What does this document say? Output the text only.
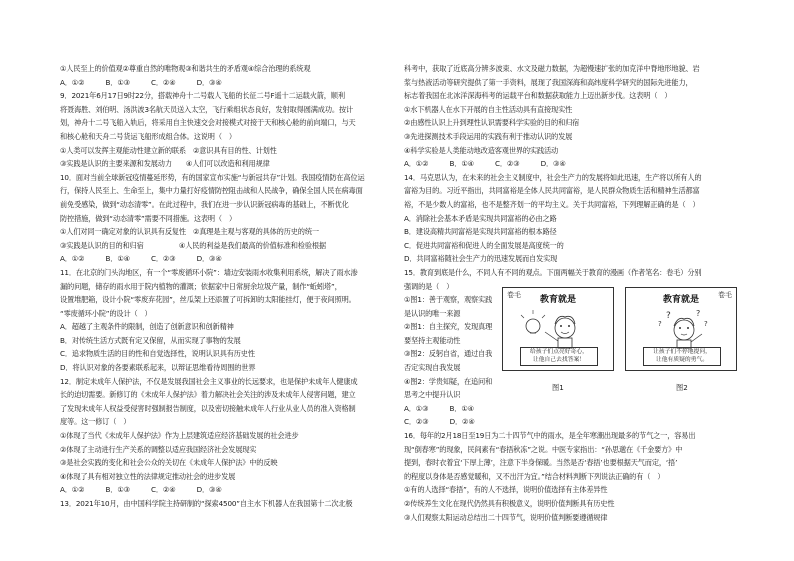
①人民至上的价值观②尊重自然的唯物观③和谐共生的矛盾观④综合治理的系统观
A．①②　　　B．①③　　　C．②④　　　D．③④
9．2021年6月17日9时22分，搭载神舟十二号载人飞船的长征二号F遥十二运载火箭，顺利
将聂海胜、刘伯明、汤洪波3名航天员送入太空，飞行乘组状态良好，发射取得圆满成功。按计
划，神舟十二号飞船入轨后，将采用自主快速交会对接模式对接于天和核心舱的前向端口，与天
和核心舱和天舟二号货运飞船形成组合体。这说明（　）
①人类可以发挥主观能动性建立新的联系　②意识具有目的性、计划性
③实践是认识的主要来源和发展动力　　④人们可以改造和利用规律
10．面对当前全球新冠疫情蔓延形势，有的国家宣布实施“与新冠共存”计划。我国疫情防在高位运
行，保持人民至上、生命至上，集中力量打好疫情防控阻击战和人民战争，确保全国人民在病毒面
前免受感染，做到“动态清零”。在此过程中，我们在进一步认识新冠病毒的基础上，不断优化
防控措施，做到“动态清零”需要不同措施。这表明（　）
①人们对同一确定对象的认识具有反复性　②真理是主观与客观的具体的历史的统一
③实践是认识的目的和归宿　　　　　④人民的利益是我们最高的价值标准和检验根据
A．①②　　　B．①④　　　C．②③　　　D．③④
11．在北京的门头沟地区，有一个“零废循环小院”：墙边安装雨水收集利用系统，解决了雨水渗
漏的问题，储存的雨水用于院内植物的灌溉；依据家中日常厨余垃圾产量，制作“蚯蚓塔”，
设置堆肥箱，设计小院“零废弃花园”，丝瓜架上还添置了可拆卸的太阳能挂灯，便于夜间照明。
“零废循环小院”的设计（　）
A．超越了主观条件的限制，创造了创新意识和创新精神
B．对传统生活方式既有定又保留，从而实现了事物的发展
C．追求物质生活的目的性和自觉选择性，说明认识具有历史性
D．将认识对象的各要素联系起来，以辩证思维看待周围的世界
12．制定未成年人保护法，不仅是发展我国社会主义事业的长远要求，也是保护未成年人健康成
长的迫切需要。新修订的《未成年人保护法》着力解决社会关注的涉及未成年人侵害问题，建立
了发现未成年人权益受侵害时强制报告制度，以及密切接触未成年人行业从业人员的准入资格制
度等。这一修订（　）
①体现了当代《未成年人保护法》作为上层建筑适应经济基础发展的社会进步
②体现了主动进行生产关系的调整以适应我国经济社会发展现实
③是社会实践的变化和社会公众的关切在《未成年人保护法》中的反映
④体现了具有相对独立性的法律规定推动社会的进步发展
A．①②　　　B．①③　　　C．②④　　　D．③④
13．2021年10月，由中国科学院主持研制的“探索4500”自主水下机器人在我国第十二次北极
科考中，获取了近底高分辨多波束、水文及磁力数据，为超慢速扩张的加克洋中脊地形地貌、岩
浆与热液活动等研究提供了第一手资料，展现了我国深海和高纬度科学研究的国际先进能力，
标志着我国在北冰洋深海科考的运载平台和数据获取能力上迈出新步伐。这表明（　）
①水下机器人在水下开展的自主性活动具有直接现实性
②由感性认识上升到理性认识需要科学实验的目的和归宿
③先进探测技术手段运用的实践有利于推动认识的发展
④科学实验是人类能动地改造客观世界的实践活动
A．①②　　　B．①④　　　C．②③　　　D．③④
14．马克思认为，在未来的社会主义制度中，社会生产力的发展将如此迅速，生产将以所有人的
富裕为目的。习近平指出，共同富裕是全体人民共同富裕，是人民群众物质生活和精神生活都富
裕，不是少数人的富裕，也不是整齐划一的平均主义。关于共同富裕，下列理解正确的是（　）
A．消除社会基本矛盾是实现共同富裕的必由之路
B．建设高精共同富裕是实现共同富裕的根本路径
C．促进共同富裕和促进人的全面发展是高度统一的
D．共同富裕随社会生产力的迅速发展而自发实现
15．教育到底是什么，不同人有不同的观点。下面两幅关于教育的漫画（作者笔名：卷毛）分别
强调的是（　）
①图1：善于观察，观察实践
是认识的唯一来源
②图1：自主探究，发现真理
要坚持主观能动性
③图2：反躬自省，通过自我
否定实现自我发展
④图2：学贵知疑，在追问和
思考之中提升认识
A．①③　　　B．①④
C．②③　　　D．②④
16．每年的2月18日至19日为二十四节气中的雨水，是全年寒潮出现最多的节气之一，容易出
现“倒春寒”的现象，民间素有“春捂秋冻”之说。中医专家指出：“孙思邈在《千金要方》中
提到，春时衣着宜‘下厚上薄’，注意下半身保暖。当然是否‘春捂’也要根据天气而定，‘捂’
的程度以身体是否感觉暖和，又不出汗为宜。”结合材料判断下列说法正确的有（　）
①有的人选择“春捂”，有的人不选择，说明价值选择有主体差异性
②传统养生文化在现代仍然具有积极意义，说明价值判断具有历史性
③人们观察太阳运动总结出二十四节气，说明价值判断要遵循规律
卷毛	教育就是
给孩子们点亮好奇心，
让他自己去找答案！
卷毛
教育就是
?	?
?
?
让孩子们不停地提问，
让他有质疑的勇气。
图1	图2
